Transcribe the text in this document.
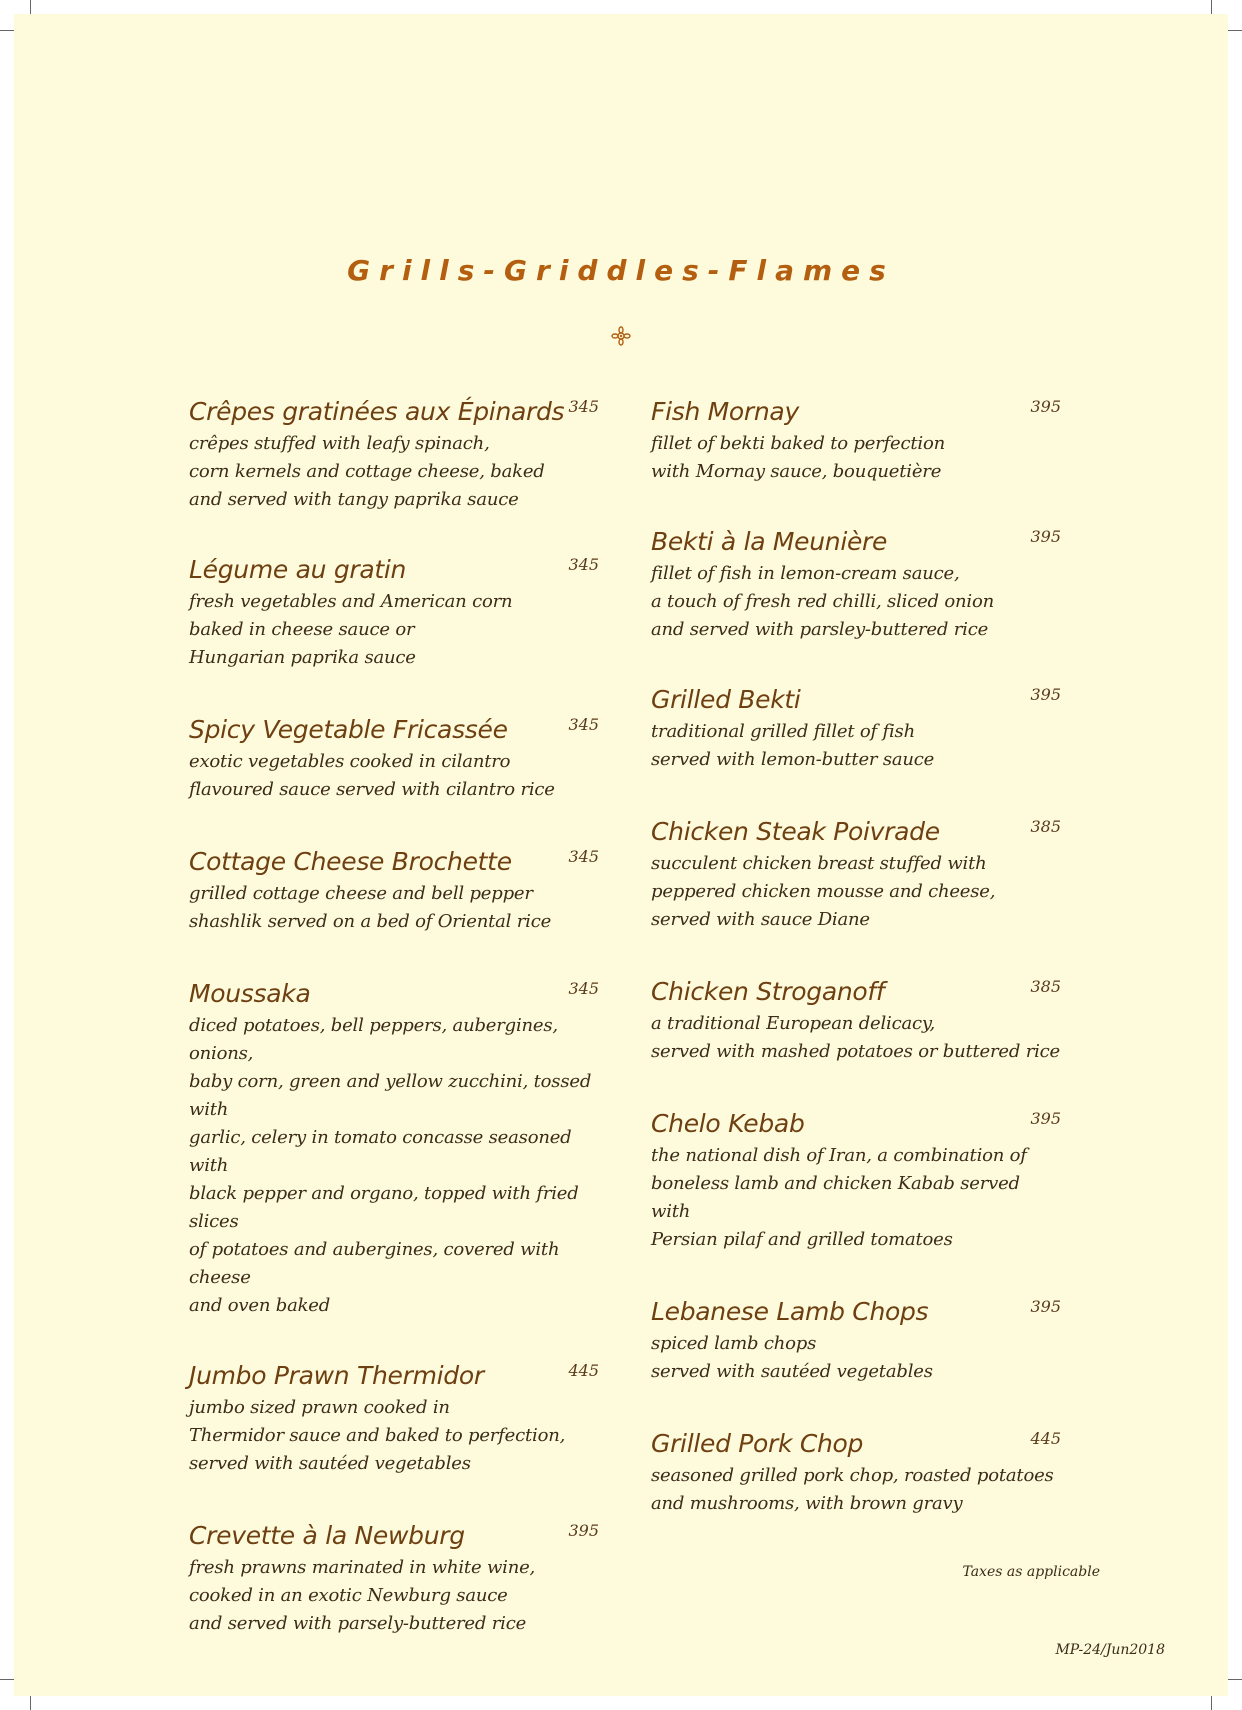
Grills-Griddles-Flames
Crêpes gratinées aux Épinards 345
crêpes stuffed with leafy spinach,
corn kernels and cottage cheese, baked
and served with tangy paprika sauce
Légume au gratin	345
fresh vegetables and American corn
baked in cheese sauce or
Hungarian paprika sauce
Spicy Vegetable Fricassée	345
exotic vegetables cooked in cilantro
flavoured sauce served with cilantro rice
Cottage Cheese Brochette	345
grilled cottage cheese and bell pepper
shashlik served on a bed of Oriental rice
Moussaka	345
diced potatoes, bell peppers, aubergines, onions,
baby corn, green and yellow zucchini, tossed with
garlic, celery in tomato concasse seasoned with
black pepper and organo, topped with fried slices
of potatoes and aubergines, covered with cheese
and oven baked
Jumbo Prawn Thermidor	445
jumbo sized prawn cooked in
Thermidor sauce and baked to perfection,
served with sautéed vegetables
Crevette à la Newburg	395
fresh prawns marinated in white wine,
cooked in an exotic Newburg sauce
and served with parsely-buttered rice
Fish Mornay	395
fillet of bekti baked to perfection
with Mornay sauce, bouquetière
Bekti à la Meunière	395
fillet of fish in lemon-cream sauce,
a touch of fresh red chilli, sliced onion
and served with parsley-buttered rice
Grilled Bekti	395
traditional grilled fillet of fish
served with lemon-butter sauce
Chicken Steak Poivrade	385
succulent chicken breast stuffed with
peppered chicken mousse and cheese,
served with sauce Diane
Chicken Stroganoff	385
a traditional European delicacy,
served with mashed potatoes or buttered rice
Chelo Kebab	395
the national dish of Iran, a combination of
boneless lamb and chicken Kabab served with
Persian pilaf and grilled tomatoes
Lebanese Lamb Chops	395
spiced lamb chops
served with sautéed vegetables
Grilled Pork Chop	445
seasoned grilled pork chop, roasted potatoes
and mushrooms, with brown gravy
Taxes as applicable
MP-24/Jun2018
